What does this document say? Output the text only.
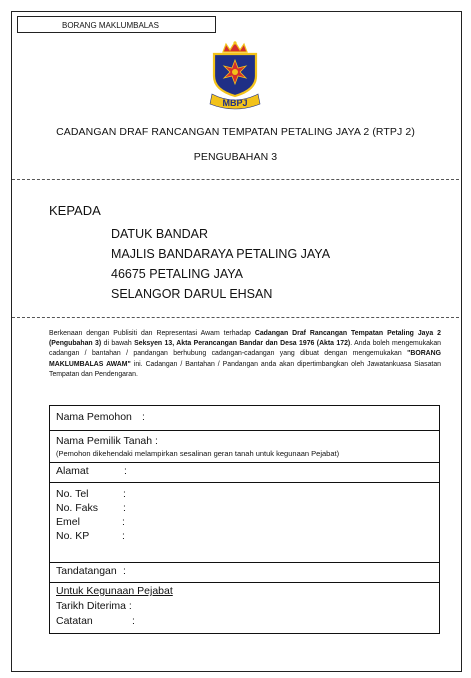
BORANG MAKLUMBALAS
MBPJ
CADANGAN DRAF RANCANGAN TEMPATAN PETALING JAYA 2 (RTPJ 2)
PENGUBAHAN 3
KEPADA
DATUK BANDAR
MAJLIS BANDARAYA PETALING JAYA
46675 PETALING JAYA
SELANGOR DARUL EHSAN
Berkenaan dengan Publisiti dan Representasi Awam terhadap Cadangan Draf Rancangan Tempatan Petaling Jaya 2 (Pengubahan 3) di bawah Seksyen 13, Akta Perancangan Bandar dan Desa 1976 (Akta 172). Anda boleh mengemukakan cadangan / bantahan / pandangan berhubung cadangan-cadangan yang dibuat dengan mengemukakan "BORANG MAKLUMBALAS AWAM" ini. Cadangan / Bantahan / Pandangan anda akan dipertimbangkan oleh Jawatankuasa Siasatan Tempatan dan Pendengaran.
Nama Pemohon :
Nama Pemilik Tanah :
(Pemohon dikehendaki melampirkan sesalinan geran tanah untuk kegunaan Pejabat)
Alamat	:
No. Tel	:
No. Faks :
Emel	:
No. KP	:
Tandatangan :
Untuk Kegunaan Pejabat
Tarikh Diterima :
Catatan	:
